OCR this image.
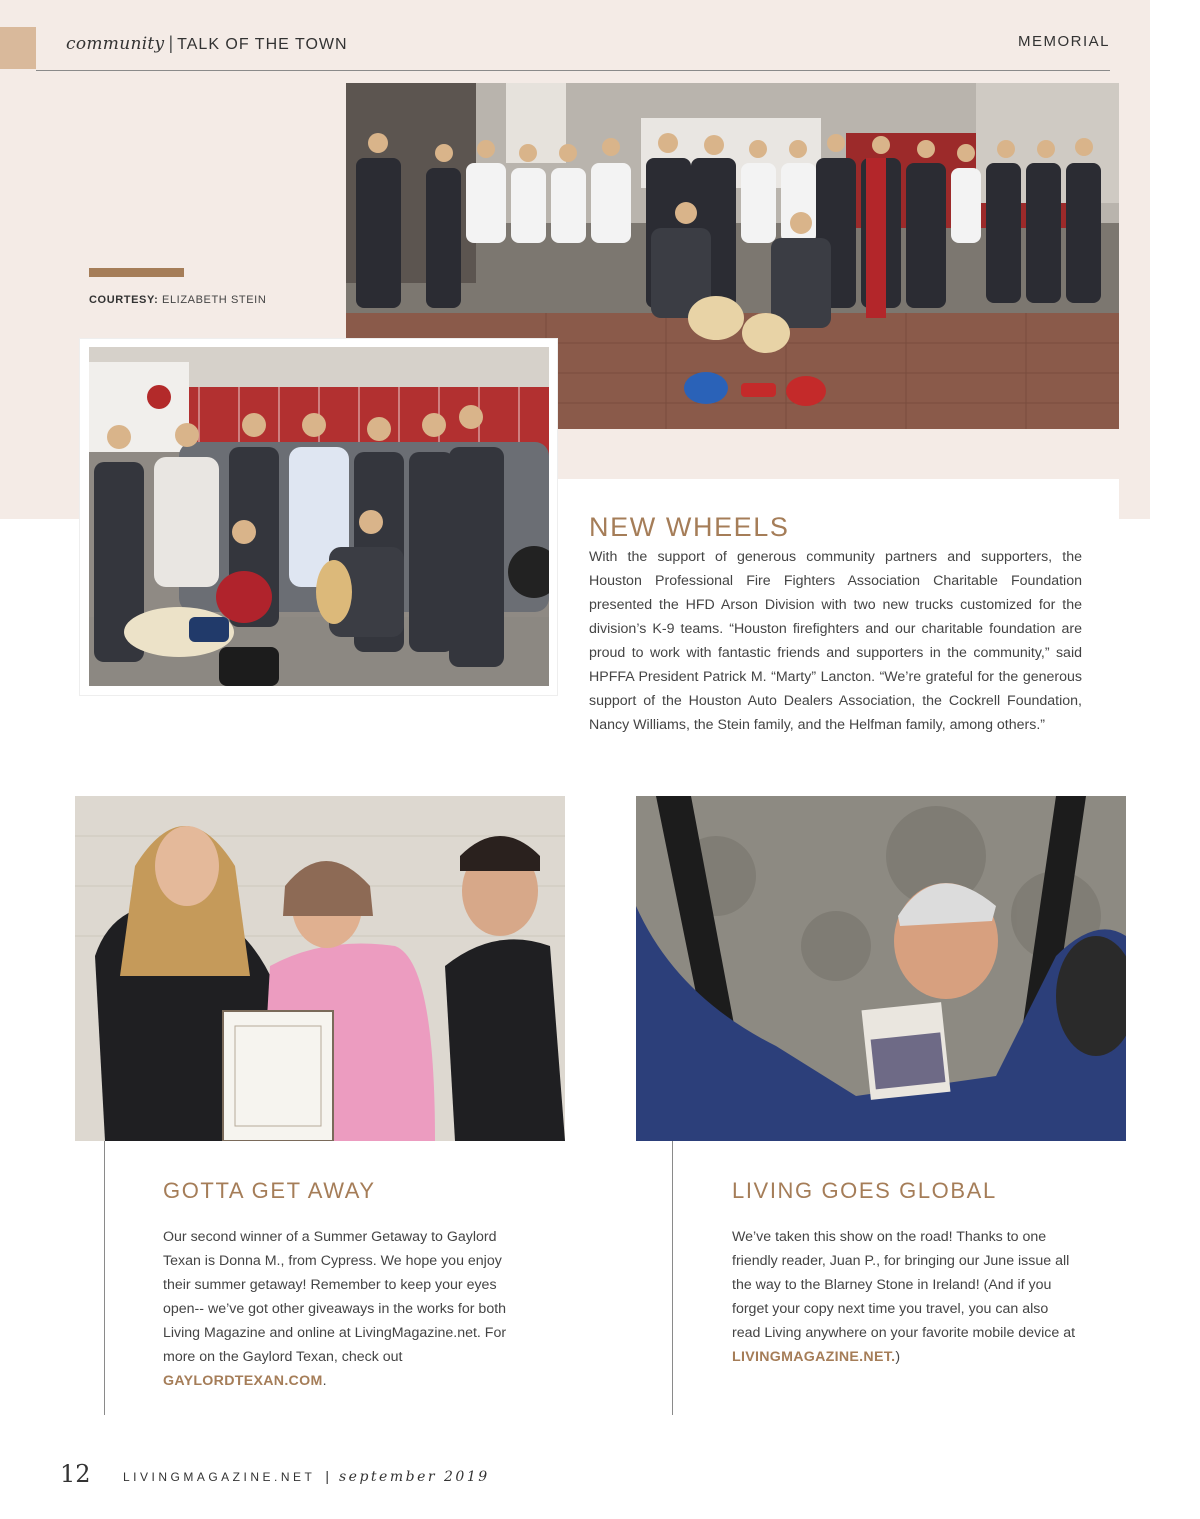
community | TALK OF THE TOWN	MEMORIAL
COURTESY: ELIZABETH STEIN
NEW WHEELS

With the support of generous community partners and supporters, the Houston Professional Fire Fighters Association Charitable Foundation presented the HFD Arson Division with two new trucks customized for the division’s K-9 teams. “Houston firefighters and our charitable foundation are proud to work with fantastic friends and supporters in the community,” said HPFFA President Patrick M. “Marty” Lancton. “We’re grateful for the generous support of the Houston Auto Dealers Association, the Cockrell Foundation, Nancy Williams, the Stein family, and the Helfman family, among others.”

GOTTA GET AWAY

Our second winner of a Summer Getaway to Gaylord Texan is Donna M., from Cypress. We hope you enjoy their summer getaway! Remember to keep your eyes open-- we’ve got other giveaways in the works for both Living Magazine and online at LivingMagazine.net. For more on the Gaylord Texan, check out GAYLORDTEXAN.COM.

LIVING GOES GLOBAL

We’ve taken this show on the road! Thanks to one friendly reader, Juan P., for bringing our June issue all the way to the Blarney Stone in Ireland! (And if you forget your copy next time you travel, you can also read Living anywhere on your favorite mobile device at LIVINGMAGAZINE.NET.)

12	LIVINGMAGAZINE.NET | september 2019
